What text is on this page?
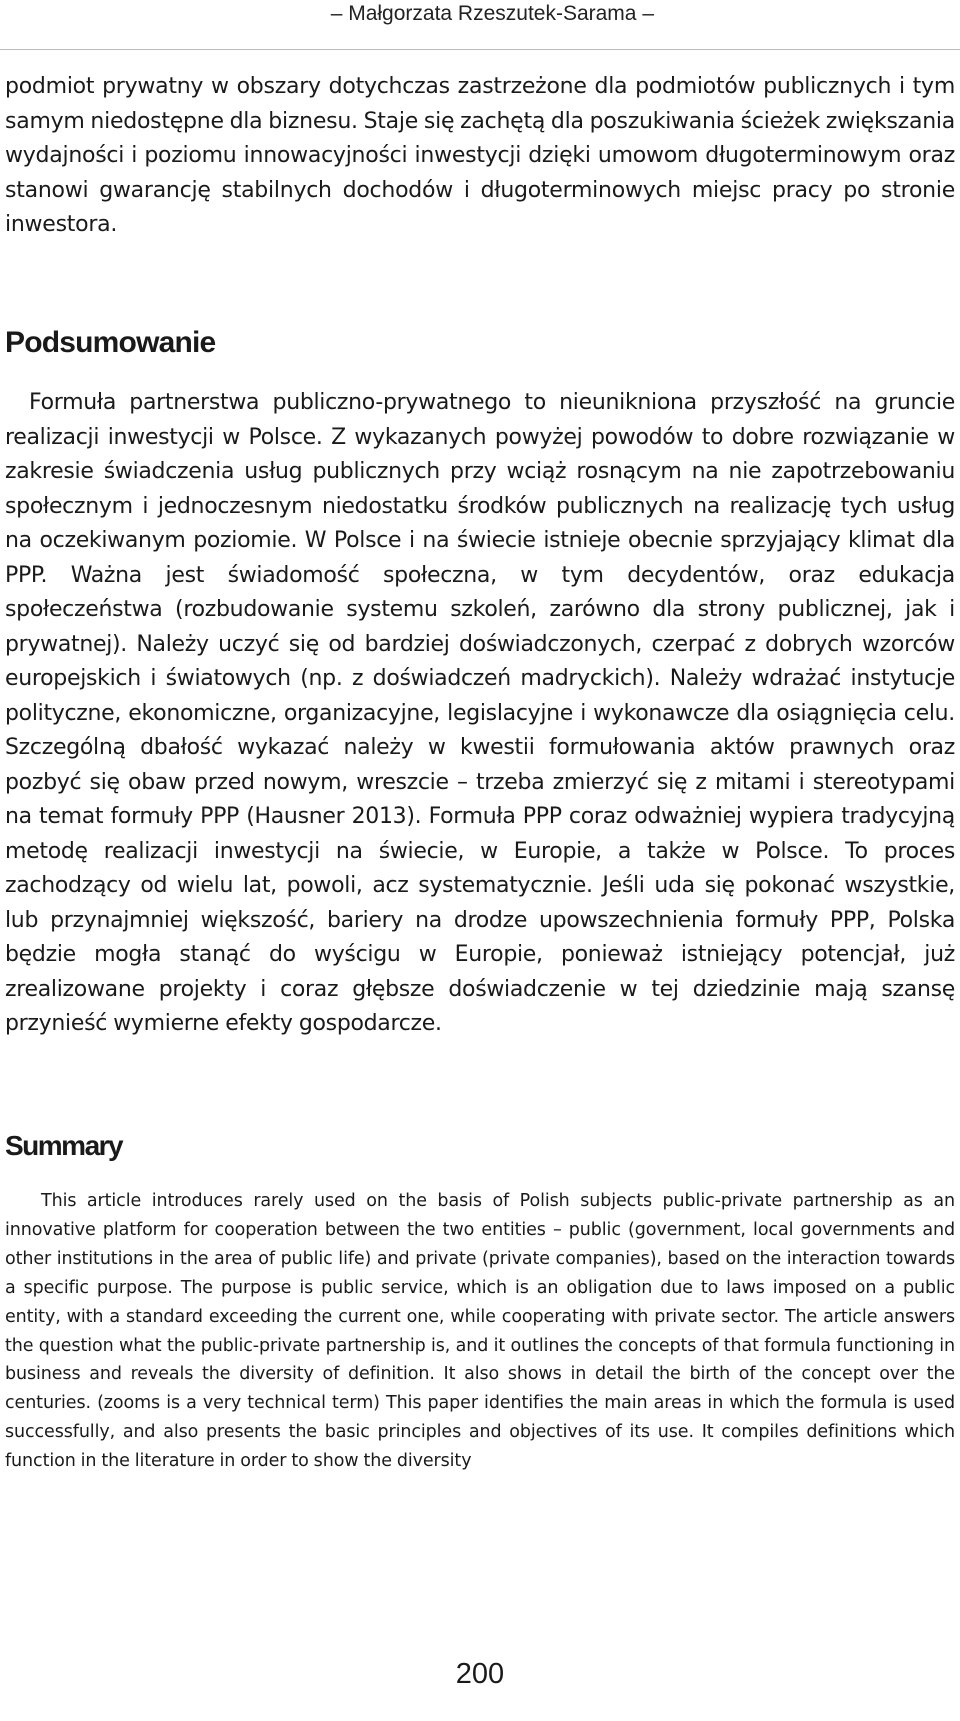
– Małgorzata Rzeszutek-Sarama –

podmiot prywatny w obszary dotychczas zastrzeżone dla podmiotów publicznych i tym samym niedostępne dla biznesu. Staje się zachętą dla poszukiwania ścieżek zwiększania wydajności i poziomu innowacyjności inwestycji dzięki umowom długoterminowym oraz stanowi gwarancję stabilnych dochodów i długoterminowych miejsc pracy po stronie inwestora.

Podsumowanie

Formuła partnerstwa publiczno-prywatnego to nieunikniona przyszłość na gruncie realizacji inwestycji w Polsce. Z wykazanych powyżej powodów to dobre rozwiązanie w zakresie świadczenia usług publicznych przy wciąż rosnącym na nie zapotrzebowaniu społecznym i jednoczesnym niedostatku środków publicznych na realizację tych usług na oczekiwanym poziomie. W Polsce i na świecie istnieje obecnie sprzyjający klimat dla PPP. Ważna jest świadomość społeczna, w tym decydentów, oraz edukacja społeczeństwa (rozbudowanie systemu szkoleń, zarówno dla strony publicznej, jak i prywatnej). Należy uczyć się od bardziej doświadczonych, czerpać z dobrych wzorców europejskich i światowych (np. z doświadczeń madryckich). Należy wdrażać instytucje polityczne, ekonomiczne, organizacyjne, legislacyjne i wykonawcze dla osiągnięcia celu. Szczególną dbałość wykazać należy w kwestii formułowania aktów prawnych oraz pozbyć się obaw przed nowym, wreszcie – trzeba zmierzyć się z mitami i stereotypami na temat formuły PPP (Hausner 2013). Formuła PPP coraz odważniej wypiera tradycyjną metodę realizacji inwestycji na świecie, w Europie, a także w Polsce. To proces zachodzący od wielu lat, powoli, acz systematycznie. Jeśli uda się pokonać wszystkie, lub przynajmniej większość, bariery na drodze upowszechnienia formuły PPP, Polska będzie mogła stanąć do wyścigu w Europie, ponieważ istniejący potencjał, już zrealizowane projekty i coraz głębsze doświadczenie w tej dziedzinie mają szansę przynieść wymierne efekty gospodarcze.

Summary

This article introduces rarely used on the basis of Polish subjects public-private partnership as an innovative platform for cooperation between the two entities – public (government, local governments and other institutions in the area of public life) and private (private companies), based on the interaction towards a specific purpose. The purpose is public service, which is an obligation due to laws imposed on a public entity, with a standard exceeding the current one, while cooperating with private sector. The article answers the question what the public-private partnership is, and it outlines the concepts of that formula functioning in business and reveals the diversity of definition. It also shows in detail the birth of the concept over the centuries. (zooms is a very technical term) This paper identifies the main areas in which the formula is used successfully, and also presents the basic principles and objectives of its use. It compiles definitions which function in the literature in order to show the diversity

200
